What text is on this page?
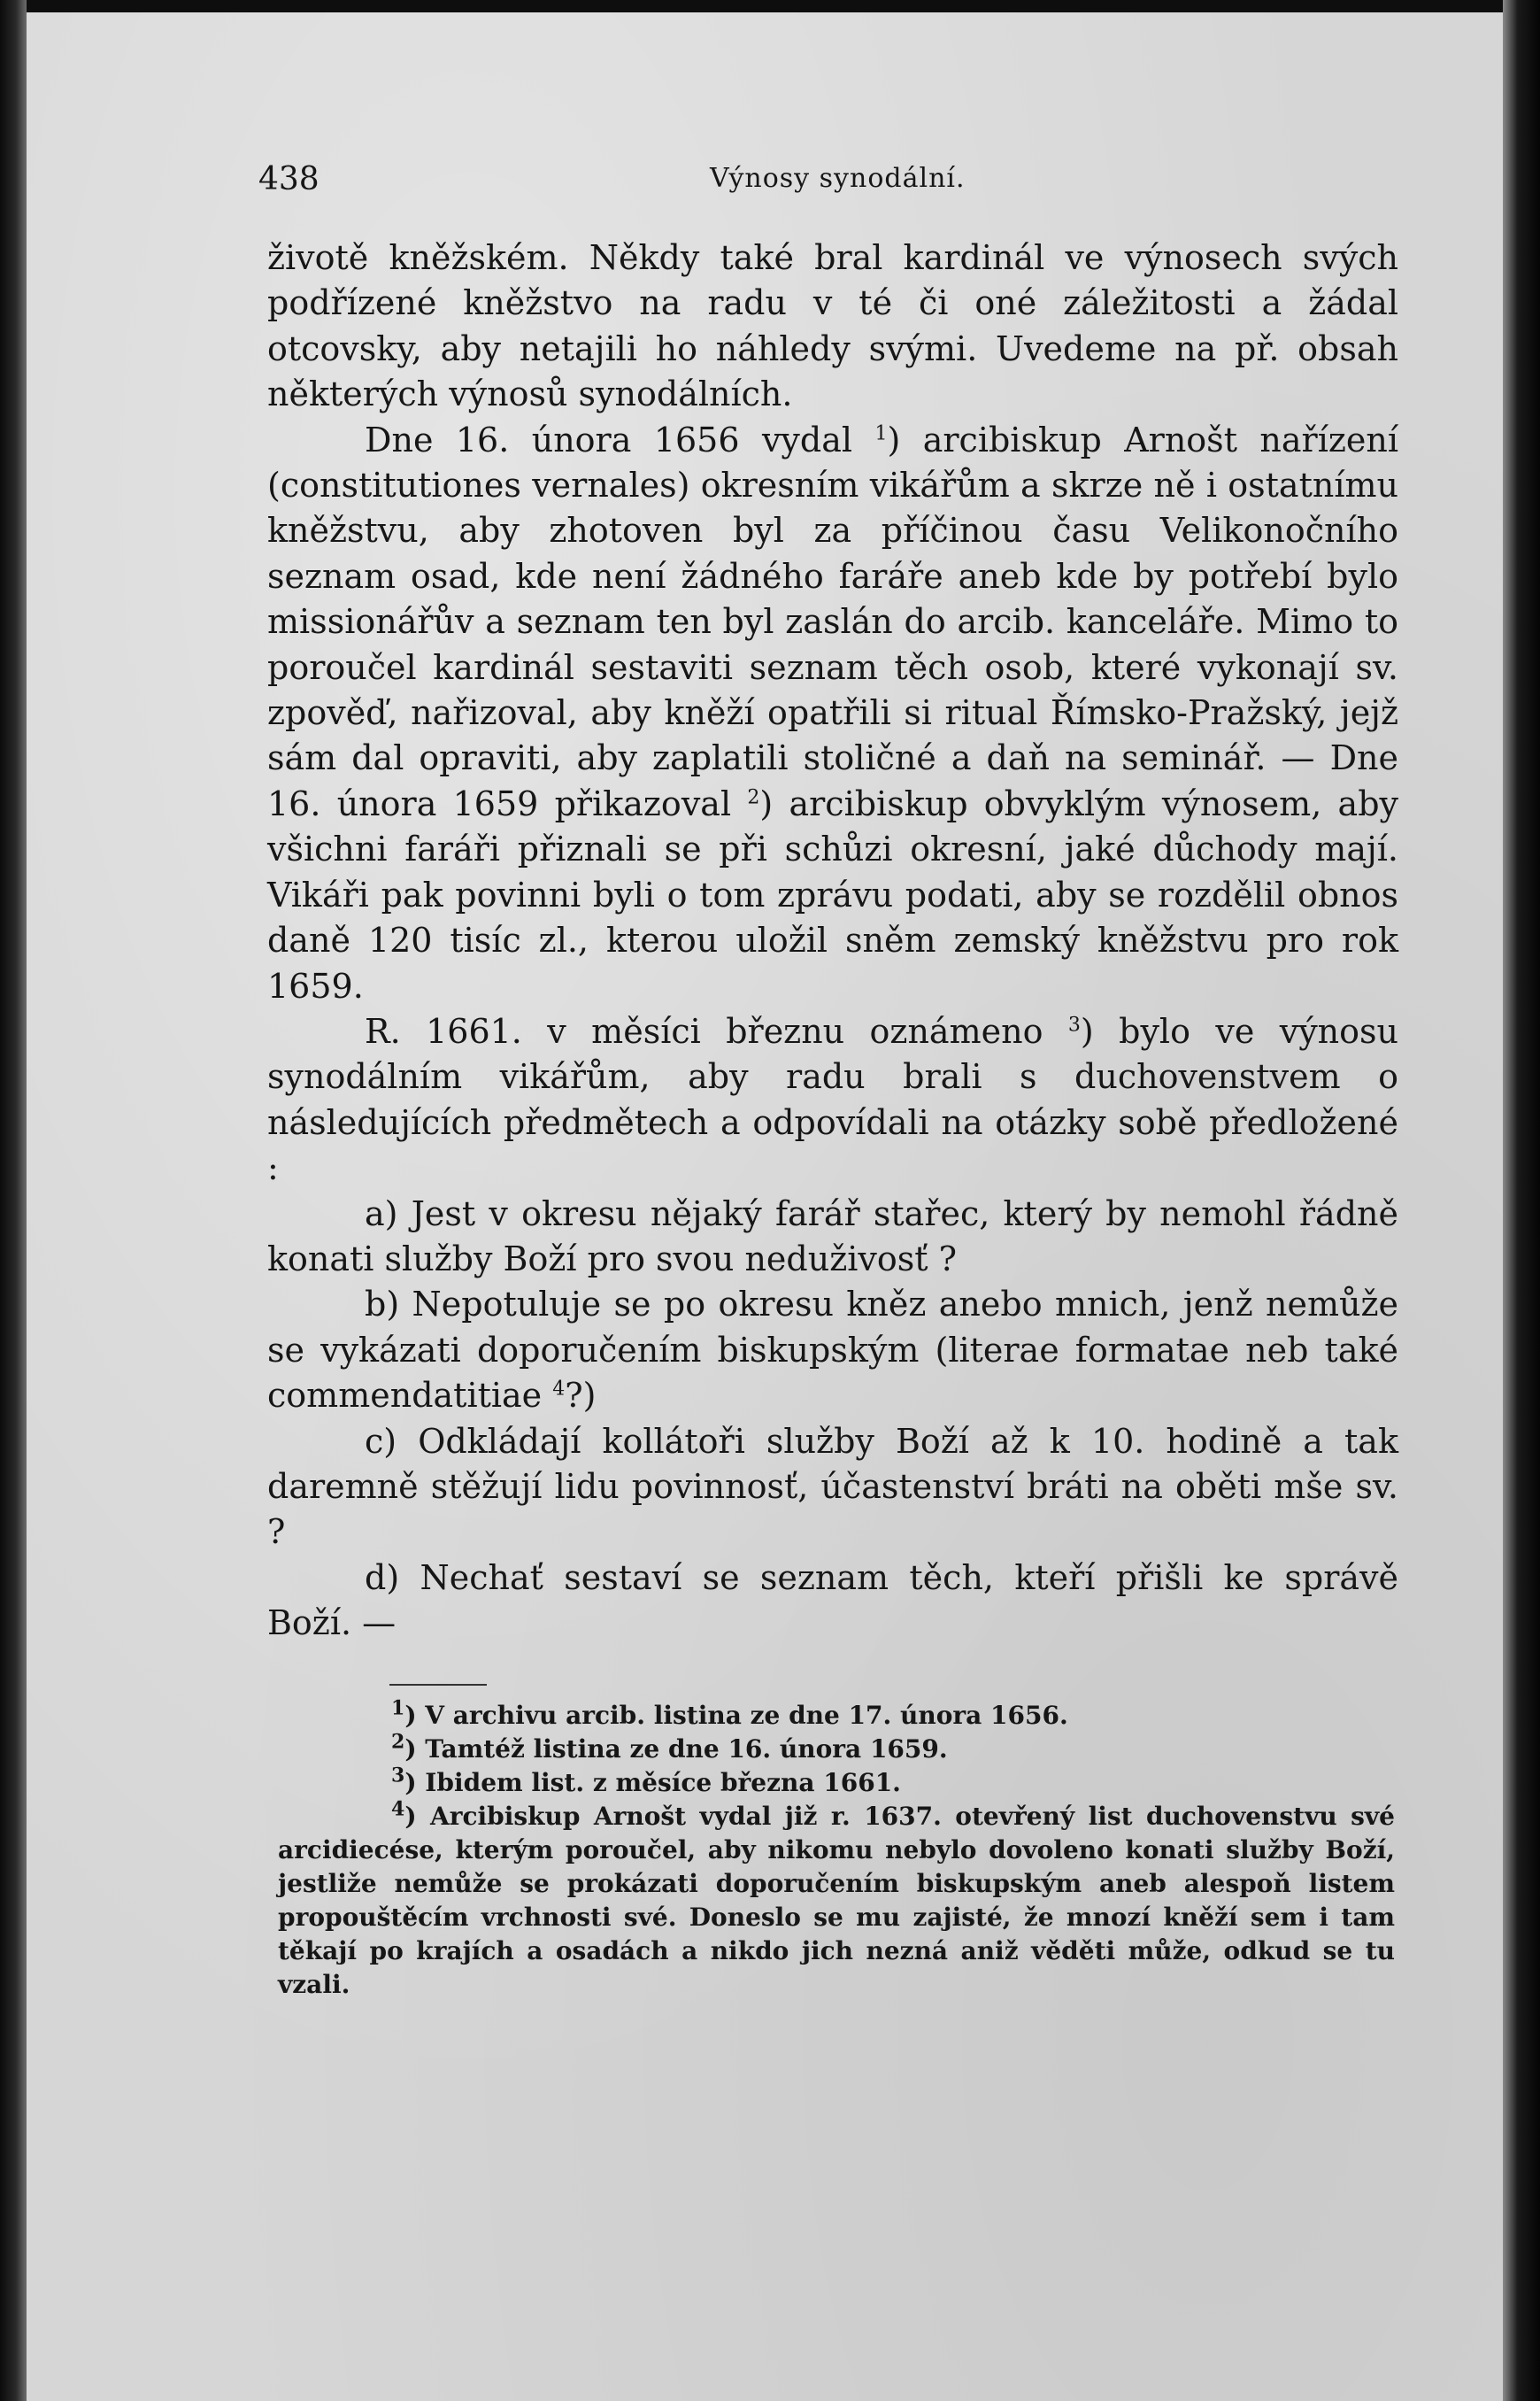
438	Výnosy synodální.

životě kněžském. Někdy také bral kardinál ve výnosech svých podřízené kněžstvo na radu v té či oné záležitosti a žádal otcovsky, aby netajili ho náhledy svými. Uvedeme na př. obsah některých výnosů synodálních.

Dne 16. února 1656 vydal $^1$) arcibiskup Arnošt nařízení (constitutiones vernales) okresním vikářům a skrze ně i ostatnímu kněžstvu, aby zhotoven byl za příčinou času Velikonočního seznam osad, kde není žádného faráře aneb kde by potřebí bylo missionářův a seznam ten byl zaslán do arcib. kanceláře. Mimo to poroučel kardinál sestaviti seznam těch osob, které vykonají sv. zpověď, nařizoval, aby kněží opatřili si ritual Římsko-Pražský, jejž sám dal opraviti, aby zaplatili stoličné a daň na seminář. — Dne 16. února 1659 přikazoval $^2$) arcibiskup obvyklým výnosem, aby všichni faráři přiznali se při schůzi okresní, jaké důchody mají. Vikáři pak povinni byli o tom zprávu podati, aby se rozdělil obnos daně 120 tisíc zl., kterou uložil sněm zemský kněžstvu pro rok 1659.

R. 1661. v měsíci březnu oznámeno $^3$) bylo ve výnosu synodálním vikářům, aby radu brali s duchovenstvem o následujících předmětech a odpovídali na otázky sobě předložené :

a) Jest v okresu nějaký farář stařec, který by nemohl řádně konati služby Boží pro svou neduživosť ?

b) Nepotuluje se po okresu kněz anebo mnich, jenž nemůže se vykázati doporučením biskupským (literae formatae neb také commendatitiae $^4$?)

c) Odkládají kollátoři služby Boží až k 10. hodině a tak daremně stěžují lidu povinnosť, účastenství bráti na oběti mše sv. ?

d) Nechať sestaví se seznam těch, kteří přišli ke správě Boží. —

$^1$) V archivu arcib. listina ze dne 17. února 1656.

$^2$) Tamtéž listina ze dne 16. února 1659.

$^3$) Ibidem list. z měsíce března 1661.

$^4$) Arcibiskup Arnošt vydal již r. 1637. otevřený list duchovenstvu své arcidiecése, kterým poroučel, aby nikomu nebylo dovoleno konati služby Boží, jestliže nemůže se prokázati doporučením biskupským aneb alespoň listem propouštěcím vrchnosti své. Doneslo se mu zajisté, že mnozí kněží sem i tam těkají po krajích a osadách a nikdo jich nezná aniž věděti může, odkud se tu vzali.
